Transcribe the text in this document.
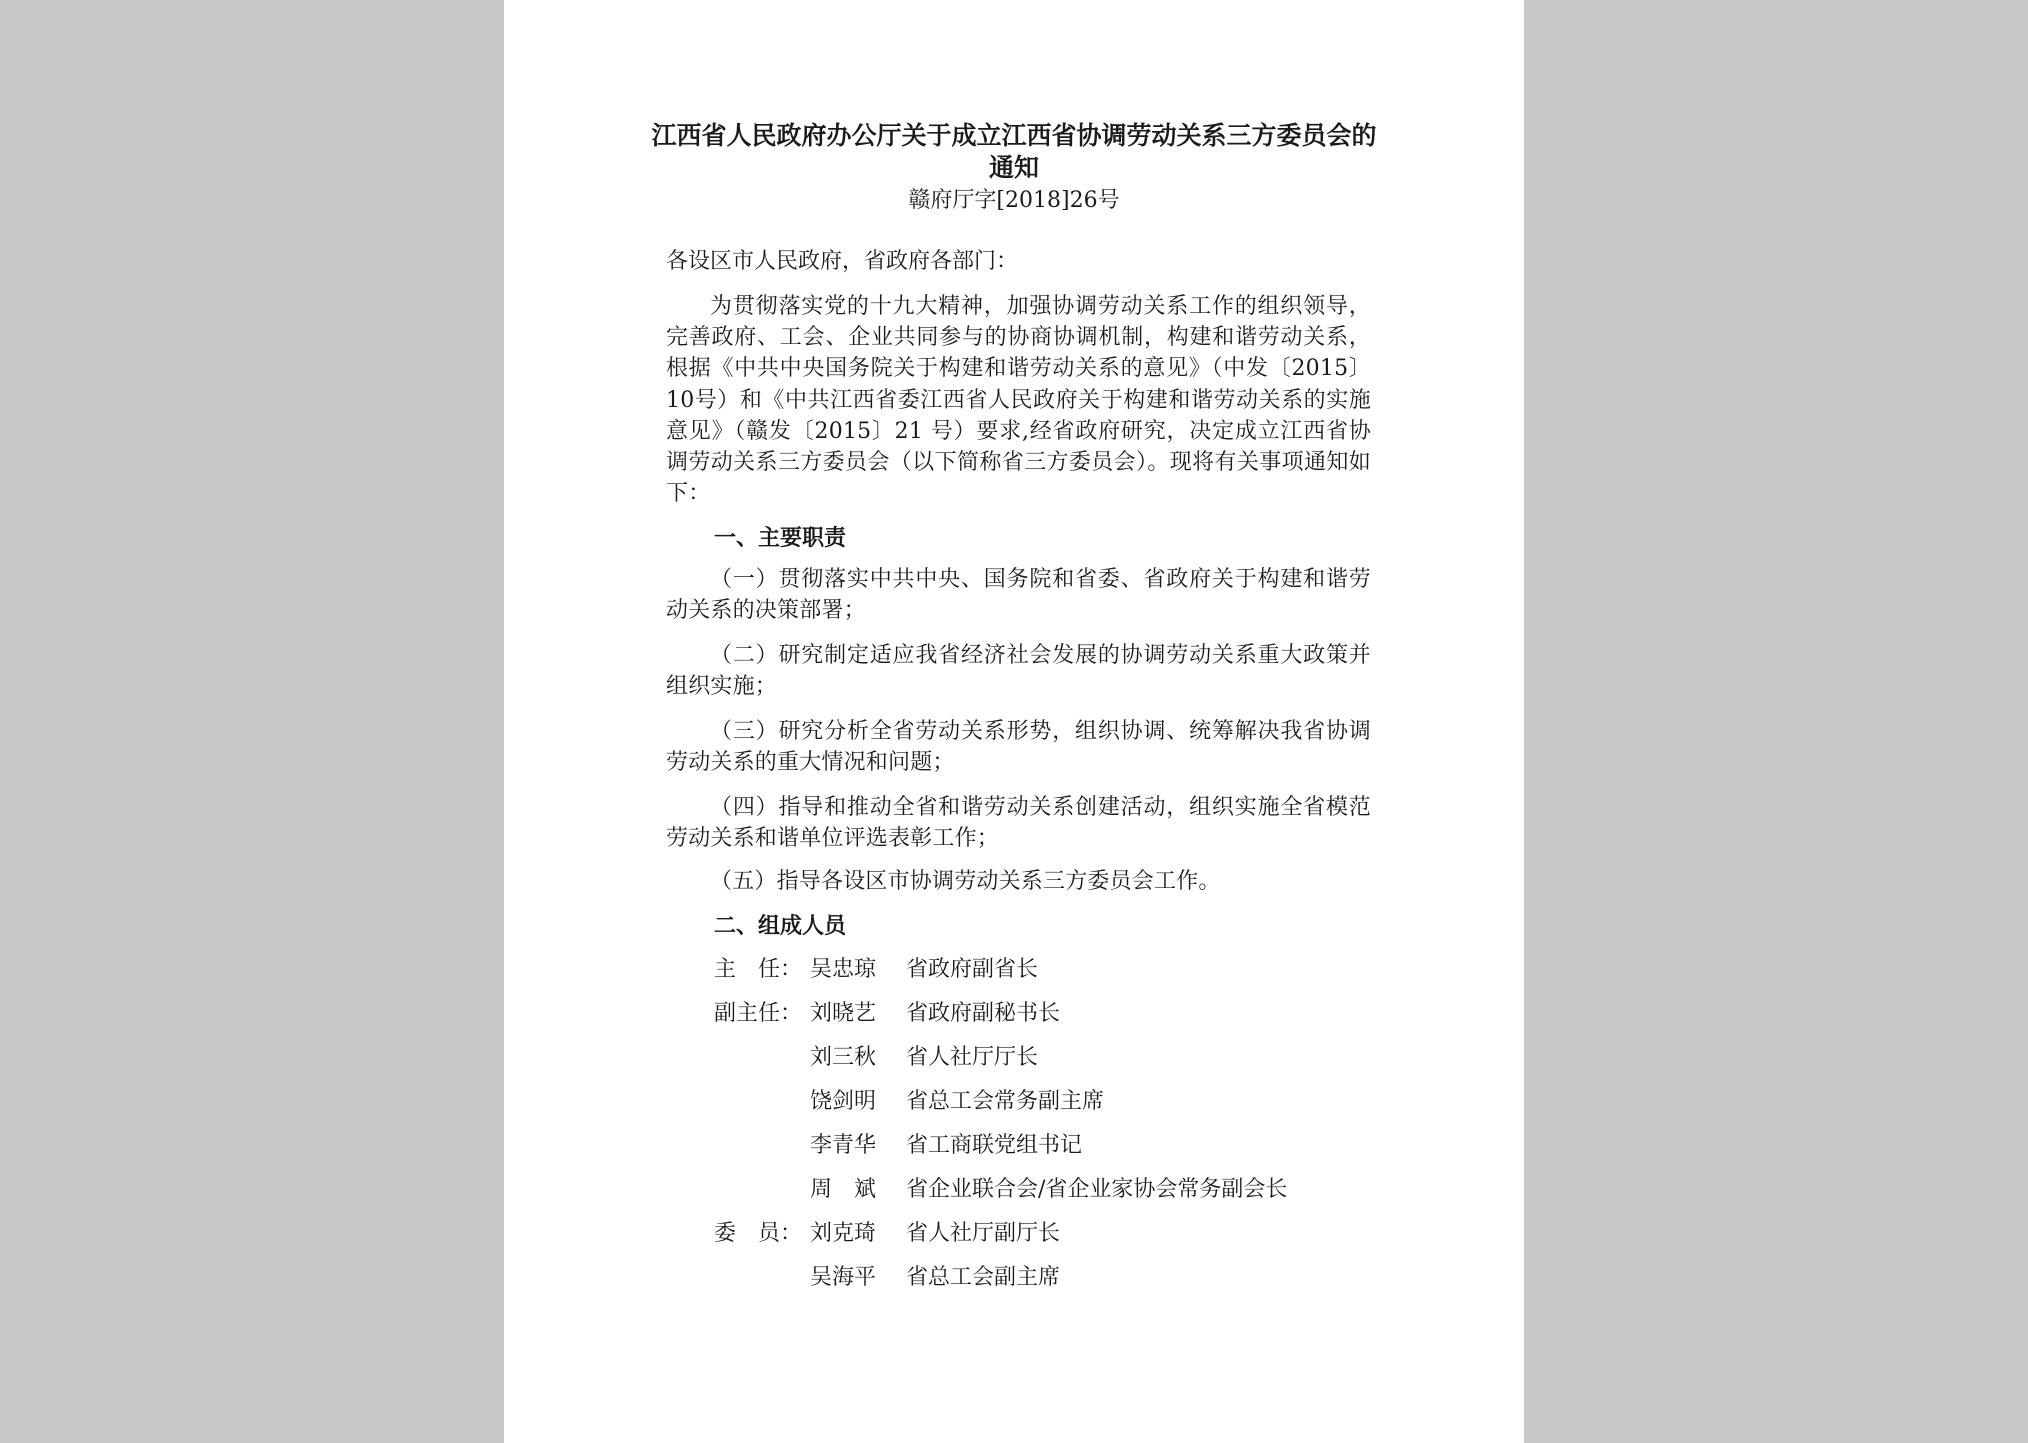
江西省人民政府办公厅关于成立江西省协调劳动关系三方委员会的
通知
赣府厅字[2018]26号
各设区市人民政府，省政府各部门：
为贯彻落实党的十九大精神，加强协调劳动关系工作的组织领导，完善政府、工会、企业共同参与的协商协调机制，构建和谐劳动关系，根据《中共中央国务院关于构建和谐劳动关系的意见》（中发〔2015〕10号）和《中共江西省委江西省人民政府关于构建和谐劳动关系的实施意见》（赣发〔2015〕21 号）要求,经省政府研究，决定成立江西省协调劳动关系三方委员会（以下简称省三方委员会）。现将有关事项通知如下：
一、主要职责
（一）贯彻落实中共中央、国务院和省委、省政府关于构建和谐劳动关系的决策部署；
（二）研究制定适应我省经济社会发展的协调劳动关系重大政策并组织实施；
（三）研究分析全省劳动关系形势，组织协调、统筹解决我省协调劳动关系的重大情况和问题；
（四）指导和推动全省和谐劳动关系创建活动，组织实施全省模范劳动关系和谐单位评选表彰工作；
（五）指导各设区市协调劳动关系三方委员会工作。
二、组成人员
主　任： 吴忠琼 省政府副省长
副主任： 刘晓艺 省政府副秘书长
刘三秋 省人社厅厅长
饶剑明 省总工会常务副主席
李青华 省工商联党组书记
周　斌 省企业联合会/省企业家协会常务副会长
委　员： 刘克琦 省人社厅副厅长
吴海平 省总工会副主席
